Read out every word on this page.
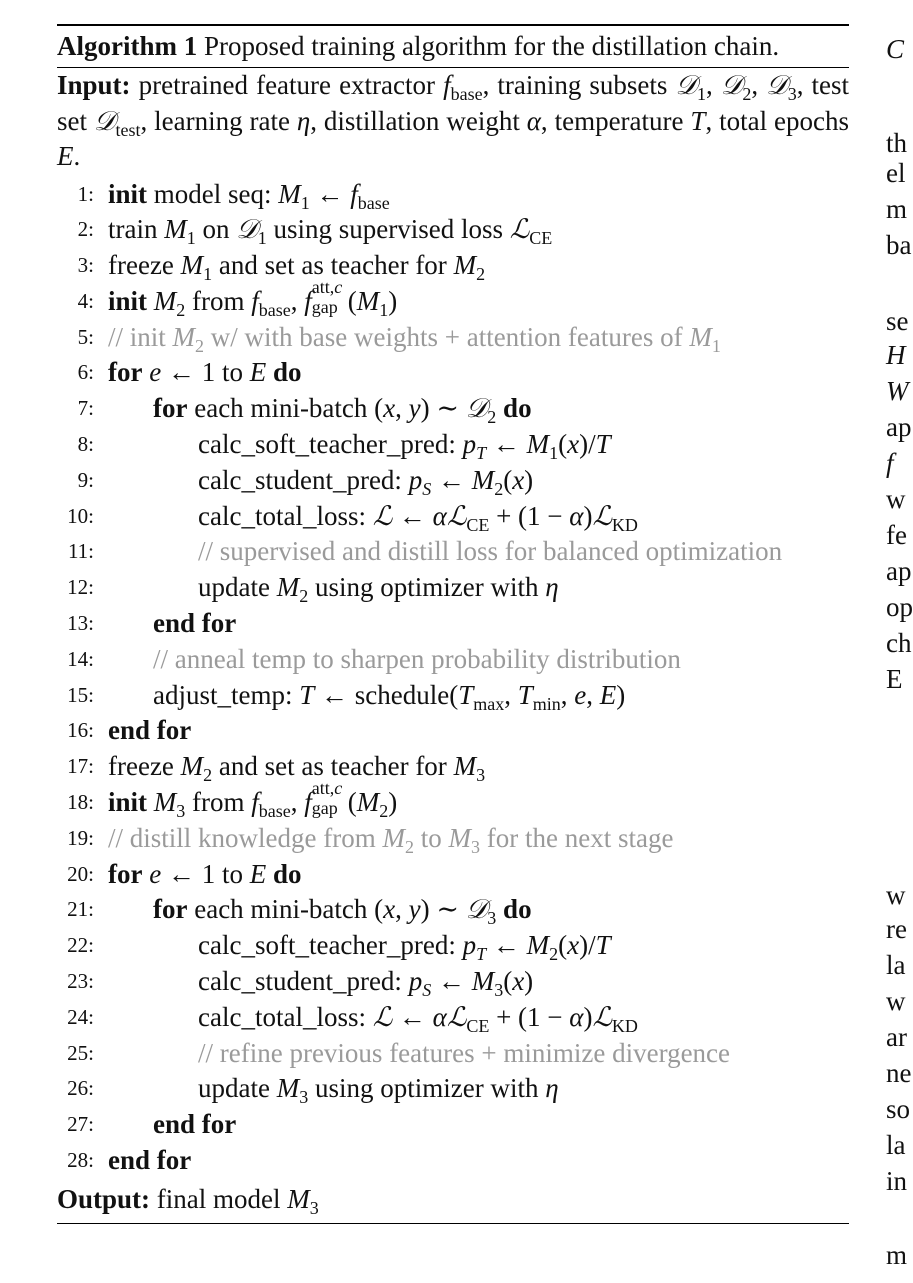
Algorithm 1 Proposed training algorithm for the distillation chain.
Input: pretrained feature extractor $f_{base}$, training subsets 𝒟$_1$, 𝒟$_2$, 𝒟$_3$, test set 𝒟$_{test}$, learning rate η, distillation weight α, temperature T, total epochs E.
1: init model seq: $M_1$ ← $f_{base}$
2: train $M_1$ on 𝒟$_1$ using supervised loss ℒ$_{CE}$
3: freeze $M_1$ and set as teacher for $M_2$
4: init $M_2$ from $f_{base}$, f att,c
gap $(M_1)$
5: // init $M_2$ w/ with base weights + attention features of $M_1$
6: for e ← 1 to E do
7: for each mini-batch (x, y) ∼ 𝒟$_2$ do
8:	calc_soft_teacher_pred: $p_T$ ← $M_1(x)/T$
9:	calc_student_pred: $p_S$ ← $M_2(x)$
10:	calc_total_loss: ℒ ← αℒ$_{CE}$ + (1 − α)ℒ$_{KD}$
11:	// supervised and distill loss for balanced optimization
12:	update $M_2$ using optimizer with η
13: end for
14: // anneal temp to sharpen probability distribution
15: adjust_temp: T ← $schedule(T_{max}$, $T_{min}$, e, E)
16: end for
17: freeze $M_2$ and set as teacher for $M_3$
18: init $M_3$ from $f_{base}$, f att,c
gap $(M_2)$
19: // distill knowledge from $M_2$ to $M_3$ for the next stage
20: for e ← 1 to E do
21: for each mini-batch (x, y) ∼ 𝒟$_3$ do
22:	calc_soft_teacher_pred: $p_T$ ← $M_2(x)/T$
23:	calc_student_pred: $p_S$ ← $M_3(x)$
24:	calc_total_loss: ℒ ← αℒ$_{CE}$ + (1 − α)ℒ$_{KD}$
25:	// refine previous features + minimize divergence
26:	update $M_3$ using optimizer with η
27: end for
28: end for
Output: final model $M_3$
C
th
el
m
ba
se
H
W
ap
f
w
fe
ap
op
ch
E
w
re
la
w
ar
ne
so
la
in
m
